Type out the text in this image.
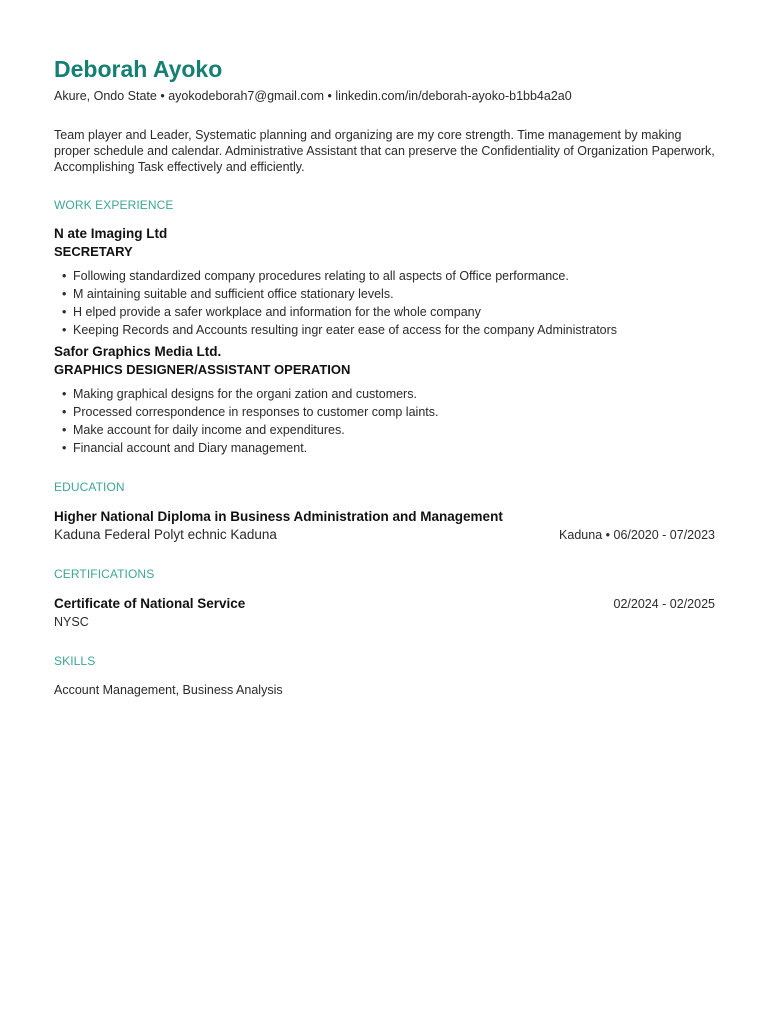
Deborah Ayoko
Akure, Ondo State • ayokodeborah7@gmail.com • linkedin.com/in/deborah-ayoko-b1bb4a2a0
Team player and Leader, Systematic planning and organizing are my core strength. Time management by making proper schedule and calendar. Administrative Assistant that can preserve the Confidentiality of Organization Paperwork, Accomplishing Task effectively and efficiently.
WORK EXPERIENCE
N ate Imaging Ltd
SECRETARY
• Following standardized company procedures relating to all aspects of Office performance.
• M aintaining suitable and sufficient office stationary levels.
• H elped provide a safer workplace and information for the whole company
• Keeping Records and Accounts resulting ingr eater ease of access for the company Administrators
Safor Graphics Media Ltd.
GRAPHICS DESIGNER/ASSISTANT OPERATION
• Making graphical designs for the organi zation and customers.
• Processed correspondence in responses to customer comp laints.
• Make account for daily income and expenditures.
• Financial account and Diary management.
EDUCATION
Higher National Diploma in Business Administration and Management
Kaduna Federal Polyt echnic Kaduna	Kaduna • 06/2020 - 07/2023
CERTIFICATIONS
Certificate of National Service	02/2024 - 02/2025
NYSC
SKILLS
Account Management, Business Analysis
